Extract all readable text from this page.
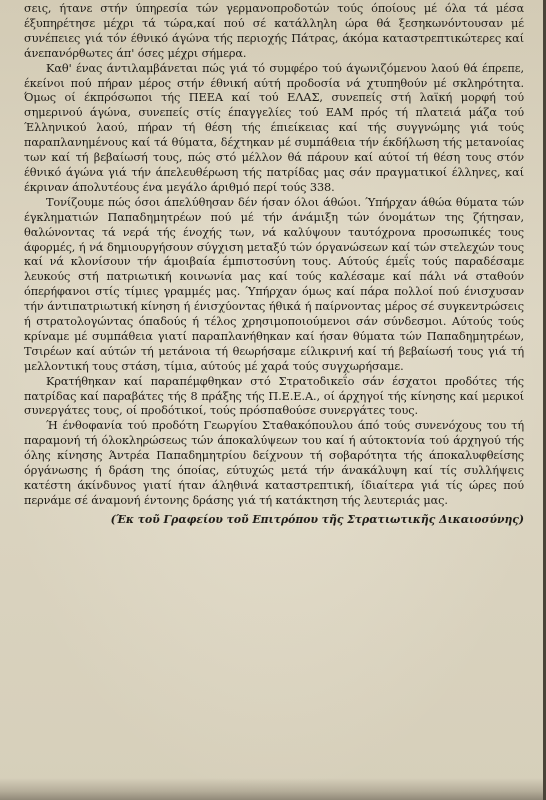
σεις, ήτανε στήν ύπηρεσία τών γερμανοπροδοτών τούς όποίους μέ όλα τά μέσα έξυπηρέτησε μέχρι τά τώρα,καί πού σέ κατάλληλη ώρα θά ξεσηκωνόντουσαν μέ συνέπειες γιά τόν έθνικό άγώνα τής περιοχής Πάτρας, άκόμα καταστρεπτικώτερες καί άνεπανόρθωτες άπ' όσες μέχρι σήμερα.

Καθ' ένας άντιλαμβάνεται πώς γιά τό συμφέρο τού άγωνιζόμενου λαού θά έπρεπε, έκείνοι πού πήραν μέρος στήν έθνική αύτή προδοσία νά χτυπηθούν μέ σκληρότητα. Όμως οί έκπρόσωποι τής ΠΕΕΑ καί τού ΕΛΑΣ, συνεπείς στή λαϊκή μορφή τού σημερινού άγώνα, συνεπείς στίς έπαγγελίες τού ΕΑΜ πρός τή πλατειά μάζα τού Έλληνικού λαού, πήραν τή θέση τής έπιείκειας καί τής συγγνώμης γιά τούς παραπλανημένους καί τά θύματα, δέχτηκαν μέ συμπάθεια τήν έκδήλωση τής μετανοίας των καί τή βεβαίωσή τους, πώς στό μέλλον θά πάρουν καί αύτοί τή θέση τους στόν έθνικό άγώνα γιά τήν άπελευθέρωση τής πατρίδας μας σάν πραγματικοί έλληνες, καί έκριναν άπολυτέους ένα μεγάλο άριθμό περί τούς 338.

Τονίζουμε πώς όσοι άπελύθησαν δέν ήσαν όλοι άθώοι. Ύπήρχαν άθώα θύματα τών έγκληματιών Παπαδημητρέων πού μέ τήν άνάμιξη τών όνομάτων της ζήτησαν, θαλώνοντας τά νερά τής ένοχής των, νά καλύψουν ταυτόχρονα προσωπικές τους άφορμές, ή νά δημιουργήσουν σύγχιση μεταξύ τών όργανώσεων καί τών στελεχών τους καί νά κλονίσουν τήν άμοιβαία έμπιστοσύνη τους. Αύτούς έμεΐς τούς παραδέσαμε λευκούς στή πατριωτική κοινωνία μας καί τούς καλέσαμε καί πάλι νά σταθούν όπερήφανοι στίς τίμιες γραμμές μας. Ύπήρχαν όμως καί πάρα πολλοί πού ένισχυσαν τήν άντιπατριωτική κίνηση ή ένισχύοντας ήθικά ή παίρνοντας μέρος σέ συγκεντρώσεις ή στρατολογώντας όπαδούς ή τέλος χρησιμοποιούμενοι σάν σύνδεσμοι. Αύτούς τούς κρίναμε μέ συμπάθεια γιατί παραπλανήθηκαν καί ήσαν θύματα τών Παπαδημητρέων, Τσιρέων καί αύτών τή μετάνοια τή θεωρήσαμε είλικρινή καί τή βεβαίωσή τους γιά τή μελλοντική τους στάση, τίμια, αύτούς μέ χαρά τούς συγχωρήσαμε.

Κρατήθηκαν καί παραπέμφθηκαν στό Στρατοδικεΐο σάν έσχατοι προδότες τής πατρίδας καί παραβάτες τής 8 πράξης τής Π.Ε.Ε.Α., οί άρχηγοί τής κίνησης καί μερικοί συνεργάτες τους, οί προδότικοί, τούς πρόσπαθούσε συνεργάτες τους.

Ή ένθοφανία τού προδότη Γεωργίου Σταθακόπουλου άπό τούς συνενόχους του τή παραμονή τή όλοκληρώσεως τών άποκαλύψεων του καί ή αύτοκτονία τού άρχηγού τής όλης κίνησης Άντρέα Παπαδημητρίου δείχνουν τή σοβαρότητα τής άποκαλυφθείσης όργάνωσης ή δράση της όποίας, εύτυχώς μετά τήν άνακάλυψη καί τίς συλλήψεις κατέστη άκίνδυνος γιατί ήταν άληθινά καταστρεπτική, ίδιαίτερα γιά τίς ώρες πού περνάμε σέ άναμονή έντονης δράσης γιά τή κατάκτηση τής λευτεριάς μας.

(Έκ τοῦ Γραφείου τοῦ Επιτρόπου τῆς Στρατιωτικῆς Δικαιοσύνης)
